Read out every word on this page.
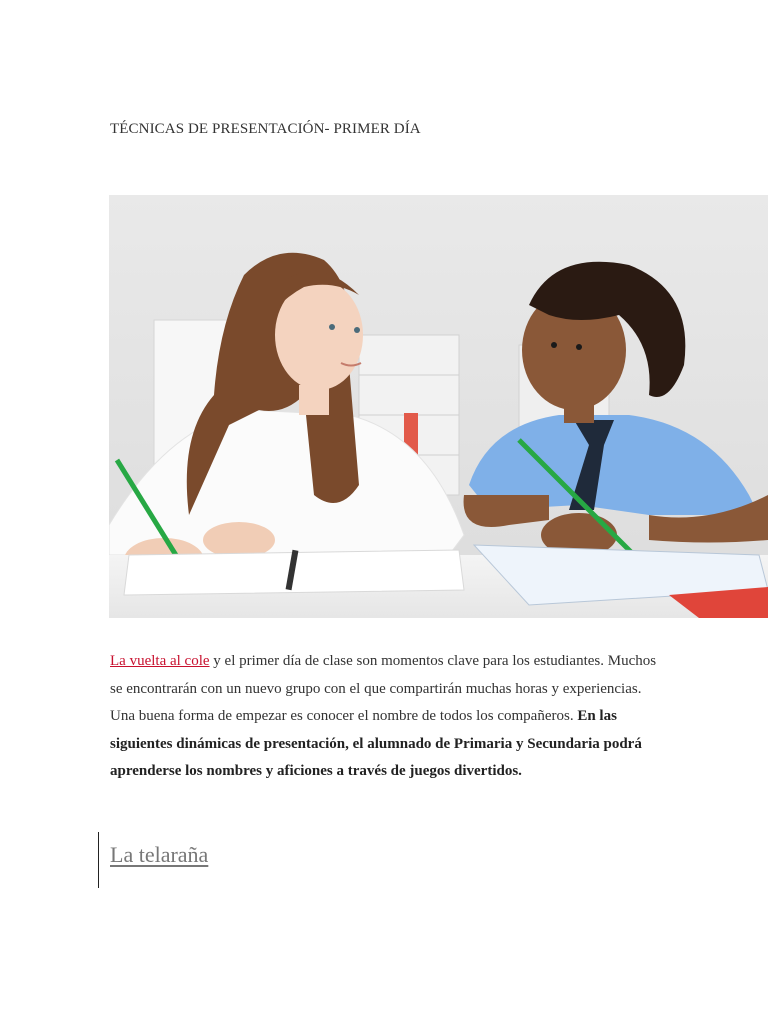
TÉCNICAS DE PRESENTACIÓN- PRIMER DÍA
La vuelta al cole y el primer día de clase son momentos clave para los estudiantes. Muchos se encontrarán con un nuevo grupo con el que compartirán muchas horas y experiencias. Una buena forma de empezar es conocer el nombre de todos los compañeros. En las siguientes dinámicas de presentación, el alumnado de Primaria y Secundaria podrá aprenderse los nombres y aficiones a través de juegos divertidos.
La telaraña
